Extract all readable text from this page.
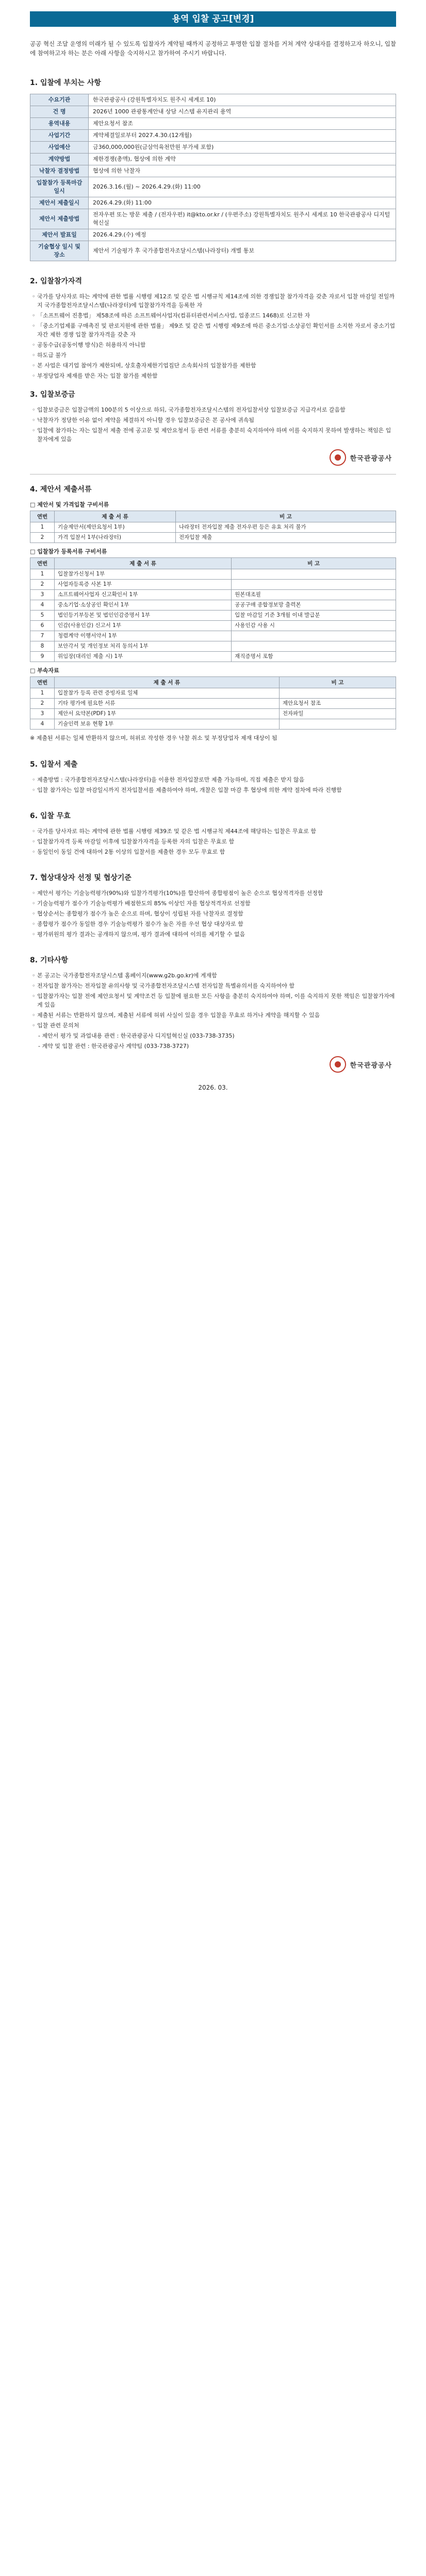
용역 입찰 공고[변경]

공공 혁신 조달 운영의 미래가 될 수 있도록 입찰자가 계약될 때까지 공정하고 투명한 입찰 절차를 거쳐 계약 상대자를 결정하고자 하오니, 입찰에 참여하고자 하는 분은 아래 사항을 숙지하시고 참가하여 주시기 바랍니다.

1. 입찰에 부치는 사항
수요기관	한국관광공사 (강원특별자치도 원주시 세계로 10)
건 명	2026년 1000 관광통계안내 상담 시스템 유지관리 용역
용역내용	제안요청서 참조
사업기간	계약체결일로부터 2027.4.30.(12개월)
사업예산	금360,000,000원(금삼억육천만원 부가세 포함)
계약방법	제한경쟁(총액), 협상에 의한 계약
낙찰자 결정방법	협상에 의한 낙찰자
입찰참가 등록마감일시	2026.3.16.(월) ~ 2026.4.29.(화) 11:00
제안서 제출일시	2026.4.29.(화) 11:00
제안서 제출방법	전자우편 또는 방문 제출 / (전자우편) it@kto.or.kr / (우편주소) 강원특별자치도 원주시 세계로 10 한국관광공사 디지털혁신실
제안서 발표일	2026.4.29.(수) 예정
기술협상 일시 및 장소	제안서 기술평가 후 국가종합전자조달시스템(나라장터) 개별 통보
2. 입찰참가자격

◦ 국가를 당사자로 하는 계약에 관한 법률 시행령 제12조 및 같은 법 시행규칙 제14조에 의한 경쟁입찰 참가자격을 갖춘 자로서 입찰 마감일 전일까지 국가종합전자조달시스템(나라장터)에 입찰참가자격을 등록한 자

◦ 「소프트웨어 진흥법」 제58조에 따른 소프트웨어사업자(컴퓨터관련서비스사업, 업종코드 1468)로 신고한 자

◦ 「중소기업제품 구매촉진 및 판로지원에 관한 법률」 제9조 및 같은 법 시행령 제9조에 따른 중소기업·소상공인 확인서를 소지한 자로서 중소기업자간 제한 경쟁 입찰 참가자격을 갖춘 자

◦ 공동수급(공동이행 방식)은 허용하지 아니함

◦ 하도급 불가

◦ 본 사업은 대기업 참여가 제한되며, 상호출자제한기업집단 소속회사의 입찰참가를 제한함

◦ 부정당업자 제재를 받은 자는 입찰 참가를 제한함

3. 입찰보증금

◦ 입찰보증금은 입찰금액의 100분의 5 이상으로 하되, 국가종합전자조달시스템의 전자입찰서상 입찰보증금 지급각서로 갈음함

◦ 낙찰자가 정당한 이유 없이 계약을 체결하지 아니할 경우 입찰보증금은 본 공사에 귀속됨

◦ 입찰에 참가하는 자는 입찰서 제출 전에 공고문 및 제안요청서 등 관련 서류를 충분히 숙지하여야 하며 이를 숙지하지 못하여 발생하는 책임은 입찰자에게 있음

한국관광공사
4. 제안서 제출서류
□ 제안서 및 가격입찰 구비서류
연번	제 출 서 류	비 고
1	기술제안서(제안요청서 1부)	나라장터 전자입찰 제출 전자우편 등은 유효 처리 불가
2	가격 입찰서 1부(나라장터)	전자입찰 제출
□ 입찰참가 등록서류 구비서류
연번	제 출 서 류	비 고
1	입찰참가신청서 1부	
2	사업자등록증 사본 1부	
3	소프트웨어사업자 신고확인서 1부	원본대조필
4	중소기업·소상공인 확인서 1부	공공구매 종합정보망 출력본
5	법인등기부등본 및 법인인감증명서 1부	입찰 마감일 기준 3개월 이내 발급분
6	인감(사용인감) 신고서 1부	사용인감 사용 시
7	청렴계약 이행서약서 1부	
8	보안각서 및 개인정보 처리 동의서 1부	
9	위임장(대리인 제출 시) 1부	재직증명서 포함
□ 부속자료
연번	제 출 서 류	비 고
1	입찰참가 등록 관련 증빙자료 일체	
2	기타 평가에 필요한 서류	제안요청서 참조
3	제안서 요약본(PDF) 1부	전자파일
4	기술인력 보유 현황 1부	

※ 제출된 서류는 일체 반환하지 않으며, 허위로 작성한 경우 낙찰 취소 및 부정당업자 제재 대상이 됨

5. 입찰서 제출

◦ 제출방법 : 국가종합전자조달시스템(나라장터)을 이용한 전자입찰로만 제출 가능하며, 직접 제출은 받지 않음

◦ 입찰 참가자는 입찰 마감일시까지 전자입찰서를 제출하여야 하며, 개찰은 입찰 마감 후 협상에 의한 계약 절차에 따라 진행함

6. 입찰 무효

◦ 국가를 당사자로 하는 계약에 관한 법률 시행령 제39조 및 같은 법 시행규칙 제44조에 해당하는 입찰은 무효로 함

◦ 입찰참가자격 등록 마감일 이후에 입찰참가자격을 등록한 자의 입찰은 무효로 함

◦ 동일인이 동일 건에 대하여 2통 이상의 입찰서를 제출한 경우 모두 무효로 함

7. 협상대상자 선정 및 협상기준

◦ 제안서 평가는 기술능력평가(90%)와 입찰가격평가(10%)를 합산하여 종합평점이 높은 순으로 협상적격자를 선정함

◦ 기술능력평가 점수가 기술능력평가 배점한도의 85% 이상인 자를 협상적격자로 선정함

◦ 협상순서는 종합평가 점수가 높은 순으로 하며, 협상이 성립된 자를 낙찰자로 결정함

◦ 종합평가 점수가 동일한 경우 기술능력평가 점수가 높은 자를 우선 협상 대상자로 함

◦ 평가위원의 평가 결과는 공개하지 않으며, 평가 결과에 대하여 이의를 제기할 수 없음

8. 기타사항

◦ 본 공고는 국가종합전자조달시스템 홈페이지(www.g2b.go.kr)에 게재함

◦ 전자입찰 참가자는 전자입찰 유의사항 및 국가종합전자조달시스템 전자입찰 특별유의서를 숙지하여야 함

◦ 입찰참가자는 입찰 전에 제안요청서 및 계약조건 등 입찰에 필요한 모든 사항을 충분히 숙지하여야 하며, 이를 숙지하지 못한 책임은 입찰참가자에게 있음

◦ 제출된 서류는 반환하지 않으며, 제출된 서류에 허위 사실이 있을 경우 입찰을 무효로 하거나 계약을 해지할 수 있음

◦ 입찰 관련 문의처

- 제안서 평가 및 과업내용 관련 : 한국관광공사 디지털혁신실 (033-738-3735)

- 계약 및 입찰 관련 : 한국관광공사 계약팀 (033-738-3727)

한국관광공사
2026. 03.
